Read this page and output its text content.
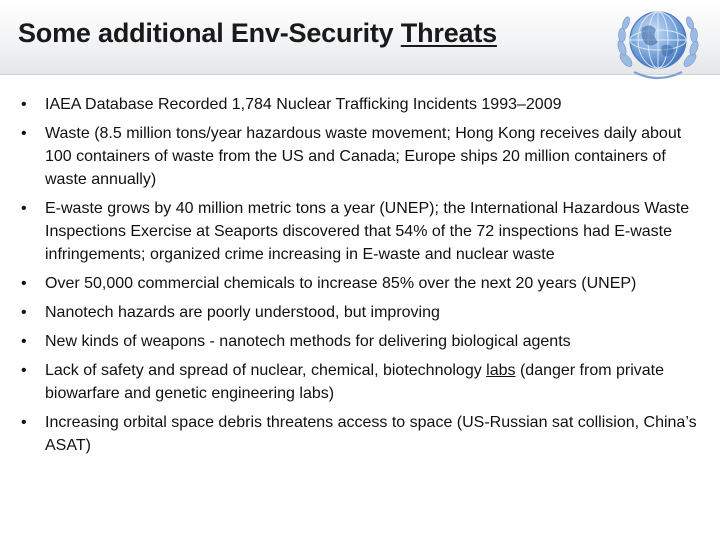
Some additional Env-Security Threats
• IAEA Database Recorded 1,784 Nuclear Trafficking Incidents 1993–2009
• Waste (8.5 million tons/year hazardous waste movement; Hong Kong receives daily about 100 containers of waste from the US and Canada; Europe ships 20 million containers of waste annually)
• E-waste grows by 40 million metric tons a year (UNEP); the International Hazardous Waste Inspections Exercise at Seaports discovered that 54% of the 72 inspections had E-waste infringements; organized crime increasing in E-waste and nuclear waste
• Over 50,000 commercial chemicals to increase 85% over the next 20 years (UNEP)
• Nanotech hazards are poorly understood, but improving
• New kinds of weapons - nanotech methods for delivering biological agents
• Lack of safety and spread of nuclear, chemical, biotechnology labs (danger from private biowarfare and genetic engineering labs)
• Increasing orbital space debris threatens access to space (US-Russian sat collision, China’s ASAT)
